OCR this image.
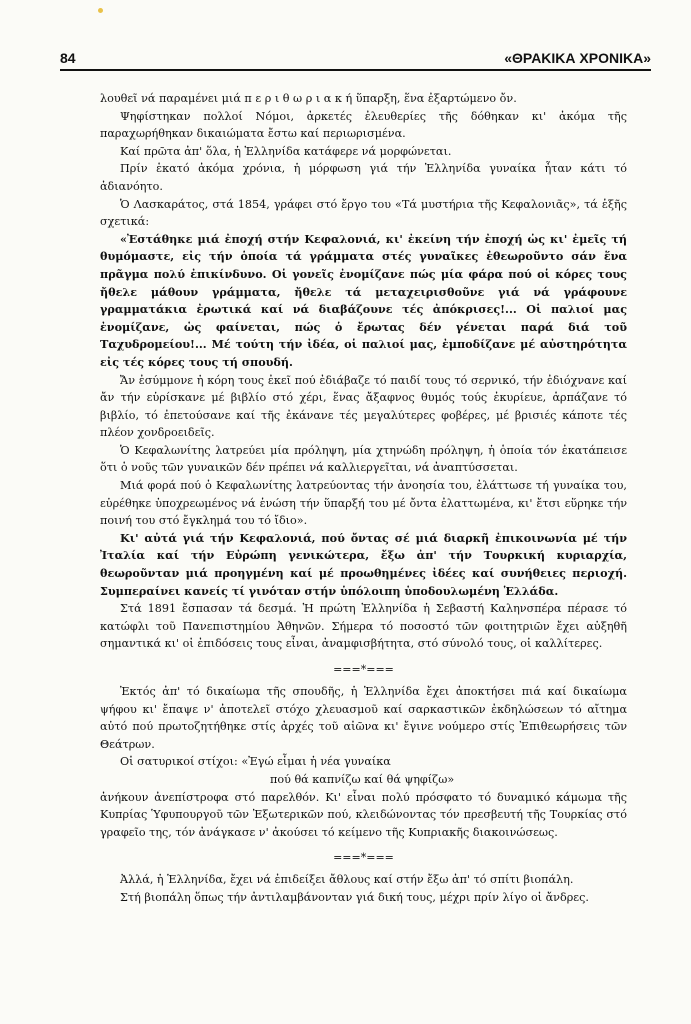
84	«ΘΡΑΚΙΚΑ ΧΡΟΝΙΚΑ»

λουθεῖ νά παραμένει μιά π ε ρ ι θ ω ρ ι α κ ή ὕπαρξη, ἕνα ἐξαρτώμενο ὄν.

Ψηφίστηκαν πολλοί Νόμοι, ἀρκετές ἐλευθερίες τῆς δόθηκαν κι' ἀκόμα τῆς παραχωρήθηκαν δικαιώματα ἔστω καί περιωρισμένα.

Καί πρῶτα ἀπ' ὅλα, ἡ Ἑλληνίδα κατάφερε νά μορφώνεται.

Πρίν ἑκατό ἀκόμα χρόνια, ἡ μόρφωση γιά τήν Ἑλληνίδα γυναίκα ἦταν κάτι τό ἀδιανόητο.

Ὁ Λασκαράτος, στά 1854, γράφει στό ἔργο του «Τά μυστήρια τῆς Κεφαλονιᾶς», τά ἑξῆς σχετικά:

«Ἐστάθηκε μιά ἐποχή στήν Κεφαλονιά, κι' ἐκείνη τήν ἐποχή ὡς κι' ἐμεῖς τή θυμόμαστε, εἰς τήν ὁποία τά γράμματα στές γυναῖκες ἐθεωροῦντο σάν ἕνα πρᾶγμα πολύ ἐπικίνδυνο. Οἱ γονεῖς ἐνομίζανε πώς μία φάρα πού οἱ κόρες τους ἤθελε μάθουν γράμματα, ἤθελε τά μεταχειρισθοῦνε γιά νά γράφουνε γραμματάκια ἐρωτικά καί νά διαβάζουνε τές ἀπόκρισες!... Οἱ παλιοί μας ἐνομίζανε, ὡς φαίνεται, πώς ὁ ἔρωτας δέν γένεται παρά διά τοῦ Ταχυδρομείου!... Μέ τούτη τήν ἰδέα, οἱ παλιοί μας, ἐμποδίζανε μέ αὐστηρότητα εἰς τές κόρες τους τή σπουδή.

Ἄν ἐσύμμονε ἡ κόρη τους ἐκεῖ πού ἐδιάβαζε τό παιδί τους τό σερνικό, τήν ἐδιόχνανε καί ἄν τήν εὑρίσκανε μέ βιβλίο στό χέρι, ἕνας ἄξαφνος θυμός τούς ἐκυρίευε, ἁρπάζανε τό βιβλίο, τό ἐπετούσανε καί τῆς ἐκάνανε τές μεγαλύτερες φοβέρες, μέ βρισιές κάποτε τές πλέον χονδροειδεῖς.

Ὁ Κεφαλωνίτης λατρεύει μία πρόληψη, μία χτηνώδη πρόληψη, ἡ ὁποία τόν ἐκατάπεισε ὅτι ὁ νοῦς τῶν γυναικῶν δέν πρέπει νά καλλιεργεῖται, νά ἀναπτύσσεται.

Μιά φορά πού ὁ Κεφαλωνίτης λατρεύοντας τήν ἀνοησία του, ἐλάττωσε τή γυναίκα του, εὑρέθηκε ὑποχρεωμένος νά ἑνώση τήν ὕπαρξή του μέ ὄντα ἐλαττωμένα, κι' ἔτσι εὕρηκε τήν ποινή του στό ἔγκλημά του τό ἴδιο».

Κι' αὐτά γιά τήν Κεφαλονιά, πού ὄντας σέ μιά διαρκῆ ἐπικοινωνία μέ τήν Ἰταλία καί τήν Εὐρώπη γενικώτερα, ἔξω ἀπ' τήν Τουρκική κυριαρχία, θεωροῦνταν μιά προηγμένη καί μέ προωθημένες ἰδέες καί συνήθειες περιοχή. Συμπεραίνει κανείς τί γινόταν στήν ὑπόλοιπη ὑποδουλωμένη Ἑλλάδα.

Στά 1891 ἔσπασαν τά δεσμά. Ἡ πρώτη Ἑλληνίδα ἡ Σεβαστή Καληνσπέρα πέρασε τό κατώφλι τοῦ Πανεπιστημίου Ἀθηνῶν. Σήμερα τό ποσοστό τῶν φοιτητριῶν ἔχει αὐξηθῆ σημαντικά κι' οἱ ἐπιδόσεις τους εἶναι, ἀναμφισβήτητα, στό σύνολό τους, οἱ καλλίτερες.

===*===

Ἐκτός ἀπ' τό δικαίωμα τῆς σπουδῆς, ἡ Ἑλληνίδα ἔχει ἀποκτήσει πιά καί δικαίωμα ψήφου κι' ἔπαψε ν' ἀποτελεῖ στόχο χλευασμοῦ καί σαρκαστικῶν ἐκδηλώσεων τό αἴτημα αὐτό πού πρωτοζητήθηκε στίς ἀρχές τοῦ αἰῶνα κι' ἔγινε νούμερο στίς Ἐπιθεωρήσεις τῶν Θεάτρων.

Οἱ σατυρικοί στίχοι: «Ἐγώ εἶμαι ἡ νέα γυναίκα
πού θά καπνίζω καί θά ψηφίζω»

ἀνήκουν ἀνεπίστροφα στό παρελθόν. Κι' εἶναι πολύ πρόσφατο τό δυναμικό κάμωμα τῆς Κυπρίας Ὑφυπουργοῦ τῶν Ἐξωτερικῶν πού, κλειδώνοντας τόν πρεσβευτή τῆς Τουρκίας στό γραφεῖο της, τόν ἀνάγκασε ν' ἀκούσει τό κείμενο τῆς Κυπριακῆς διακοινώσεως.

===*===

Ἀλλά, ἡ Ἑλληνίδα, ἔχει νά ἐπιδείξει ἄθλους καί στήν ἔξω ἀπ' τό σπίτι βιοπάλη.

Στή βιοπάλη ὅπως τήν ἀντιλαμβάνονταν γιά δική τους, μέχρι πρίν λίγο οἱ ἄνδρες.
